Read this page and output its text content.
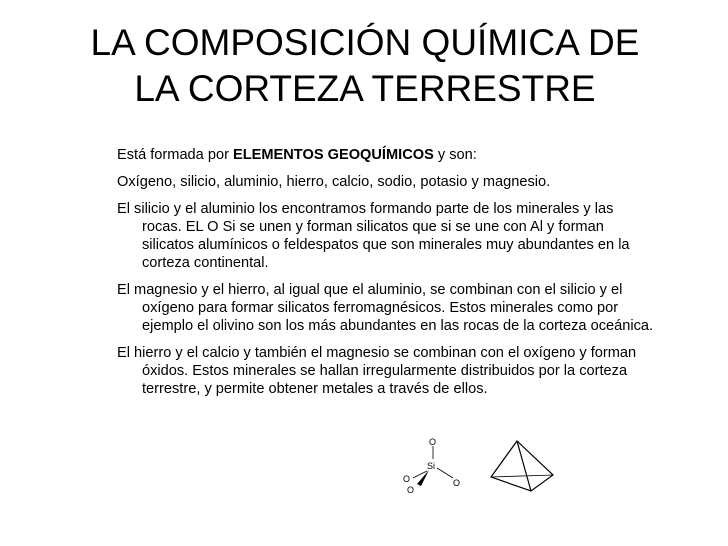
LA COMPOSICIÓN QUÍMICA DE
LA CORTEZA TERRESTRE

Está formada por ELEMENTOS GEOQUÍMICOS y son:

Oxígeno, silicio, aluminio, hierro, calcio, sodio, potasio y magnesio.

El silicio y el aluminio los encontramos formando parte de los minerales y las rocas. EL O Si se unen y forman silicatos que si se une con Al y forman silicatos alumínicos o feldespatos que son minerales muy abundantes en la corteza continental.

El magnesio y el hierro, al igual que el aluminio, se combinan con el silicio y el oxígeno para formar silicatos ferromagnésicos. Estos minerales como por ejemplo el olivino son los más abundantes en las rocas de la corteza oceánica.

El hierro y el calcio y también el magnesio se combinan con el oxígeno y forman óxidos. Estos minerales se hallan irregularmente distribuidos por la corteza terrestre, y permite obtener metales a través de ellos.

O
Si
O
O
O
